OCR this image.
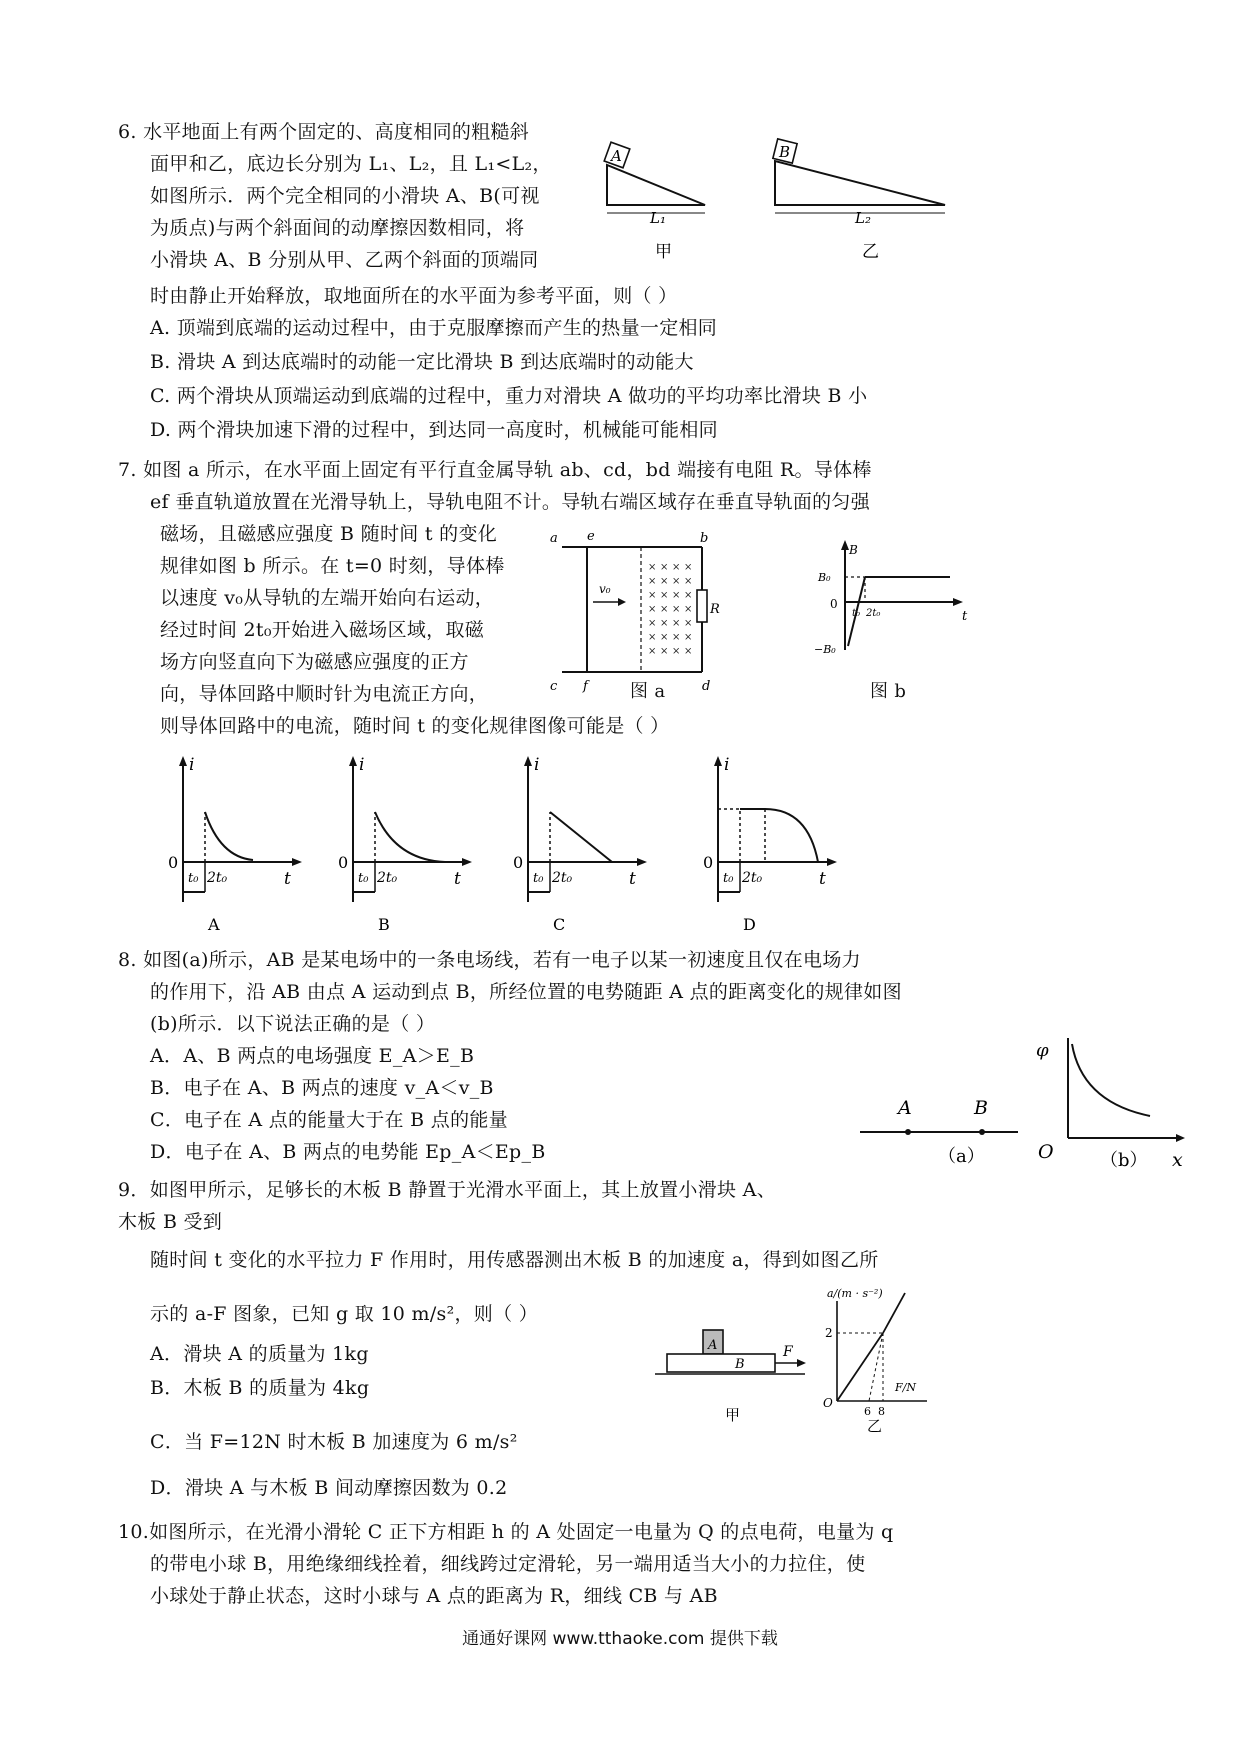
6. 水平地面上有两个固定的、高度相同的粗糙斜
面甲和乙，底边长分别为 L₁、L₂，且 L₁<L₂，
如图所示．两个完全相同的小滑块 A、B(可视
为质点)与两个斜面间的动摩擦因数相同，将
小滑块 A、B 分别从甲、乙两个斜面的顶端同
时由静止开始释放，取地面所在的水平面为参考平面，则（ ）
A. 顶端到底端的运动过程中，由于克服摩擦而产生的热量一定相同
B. 滑块 A 到达底端时的动能一定比滑块 B 到达底端时的动能大
C. 两个滑块从顶端运动到底端的过程中，重力对滑块 A 做功的平均功率比滑块 B 小
D. 两个滑块加速下滑的过程中，到达同一高度时，机械能可能相同
A
L₁
甲
B
L₂
乙
7. 如图 a 所示，在水平面上固定有平行直金属导轨 ab、cd，bd 端接有电阻 R。导体棒
ef 垂直轨道放置在光滑导轨上，导轨电阻不计。导轨右端区域存在垂直导轨面的匀强
磁场，且磁感应强度 B 随时间 t 的变化
规律如图 b 所示。在 t=0 时刻，导体棒
以速度 v₀从导轨的左端开始向右运动，
经过时间 2t₀开始进入磁场区域，取磁
场方向竖直向下为磁感应强度的正方
向，导体回路中顺时针为电流正方向，
则导体回路中的电流，随时间 t 的变化规律图像可能是（ ）
a e	b
v₀
× × × ×
× × × ×
× × × ×
× × × ×
× × × ×
× × × ×
× × × ×
R
c f	d
图 a
B
B₀
0
−B₀
t₀ 2t₀	t
图 b
i
0
t
t₀ 2t₀
A
i
0
t
t₀ 2t₀
B
i
0
t
t₀ 2t₀
C
i
0
t
t₀ 2t₀
D
8. 如图(a)所示，AB 是某电场中的一条电场线，若有一电子以某一初速度且仅在电场力
的作用下，沿 AB 由点 A 运动到点 B，所经位置的电势随距 A 点的距离变化的规律如图
(b)所示．以下说法正确的是（ ）
A．A、B 两点的电场强度 E_A＞E_B
B．电子在 A、B 两点的速度 v_A＜v_B
C．电子在 A 点的能量大于在 B 点的能量
D．电子在 A、B 两点的电势能 Ep_A＜Ep_B
A	B
（a）
φ
O	（b） x
9．如图甲所示，足够长的木板 B 静置于光滑水平面上，其上放置小滑块 A、
木板 B 受到
随时间 t 变化的水平拉力 F 作用时，用传感器测出木板 B 的加速度 a，得到如图乙所
示的 a-F 图象，已知 g 取 10 m/s²，则（ ）
A．滑块 A 的质量为 1kg
B．木板 B 的质量为 4kg
C．当 F=12N 时木板 B 加速度为 6 m/s²
D．滑块 A 与木板 B 间动摩擦因数为 0.2
A
B
F
甲
a/(m · s⁻²)
F/N
O
2
6 8
乙
10.如图所示，在光滑小滑轮 C 正下方相距 h 的 A 处固定一电量为 Q 的点电荷，电量为 q
的带电小球 B，用绝缘细线拴着，细线跨过定滑轮，另一端用适当大小的力拉住，使
小球处于静止状态，这时小球与 A 点的距离为 R，细线 CB 与 AB
通通好课网 www.tthaoke.com 提供下载
